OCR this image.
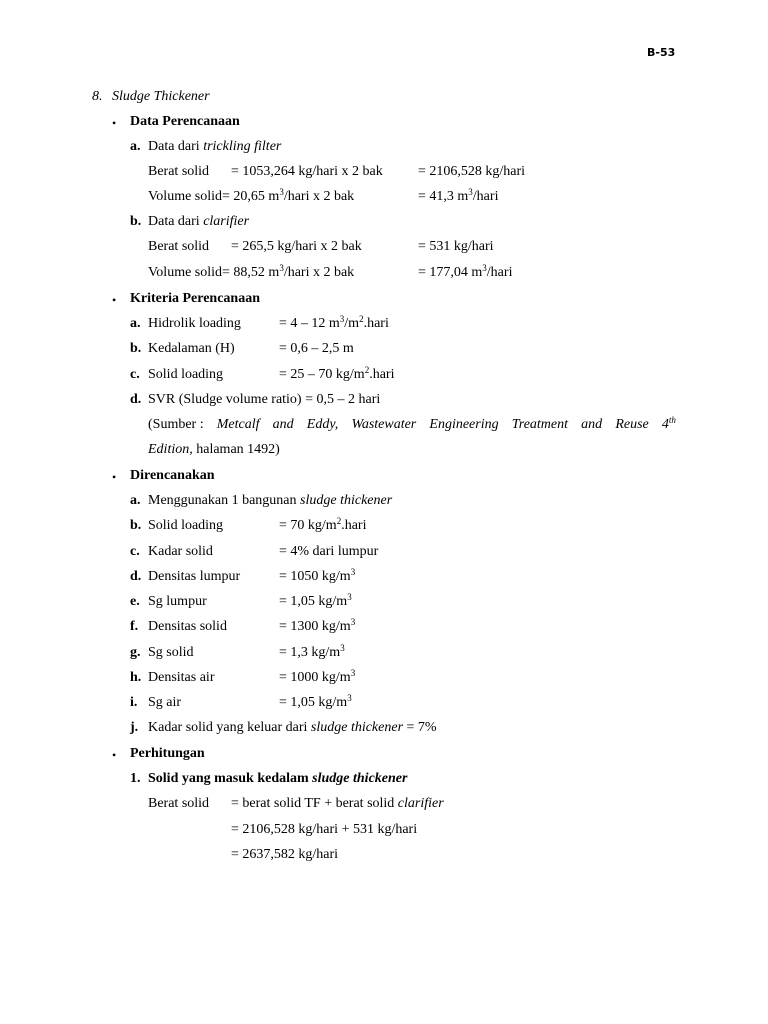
B-53
8. Sludge Thickener
• Data Perencanaan
a. Data dari trickling filter
Berat solid = 1053,264 kg/hari x 2 bak	= 2106,528 kg/hari
Volume solid= 20,65 $m^3$/hari x 2 bak	= 41,3 $m^3$/hari
b. Data dari clarifier
Berat solid = 265,5 kg/hari x 2 bak	= 531 kg/hari
Volume solid= 88,52 $m^3$/hari x 2 bak	= 177,04 $m^3$/hari
• Kriteria Perencanaan
a. Hidrolik loading	= 4 – 12 $m^3/m^2.hari$
b. Kedalaman (H)	= 0,6 – 2,5 m
c. Solid loading	= 25 – 70 $kg/m^2.hari$
d. SVR (Sludge volume ratio) = 0,5 – 2 hari
(Sumber : Metcalf and Eddy, Wastewater Engineering Treatment and Reuse 4th
Edition, halaman 1492)
• Direncanakan
a. Menggunakan 1 bangunan sludge thickener
b. Solid loading	= 70 $kg/m^2.hari$
c. Kadar solid	= 4% dari lumpur
d. Densitas lumpur	= 1050 $kg/m^3$
e. Sg lumpur	= 1,05 $kg/m^3$
f. Densitas solid	= 1300 $kg/m^3$
g. Sg solid	= 1,3 $kg/m^3$
h. Densitas air	= 1000 $kg/m^3$
i. Sg air	= 1,05 $kg/m^3$
j. Kadar solid yang keluar dari sludge thickener = 7%
• Perhitungan
1. Solid yang masuk kedalam sludge thickener
Berat solid = berat solid TF + berat solid clarifier
= 2106,528 kg/hari + 531 kg/hari
= 2637,582 kg/hari
